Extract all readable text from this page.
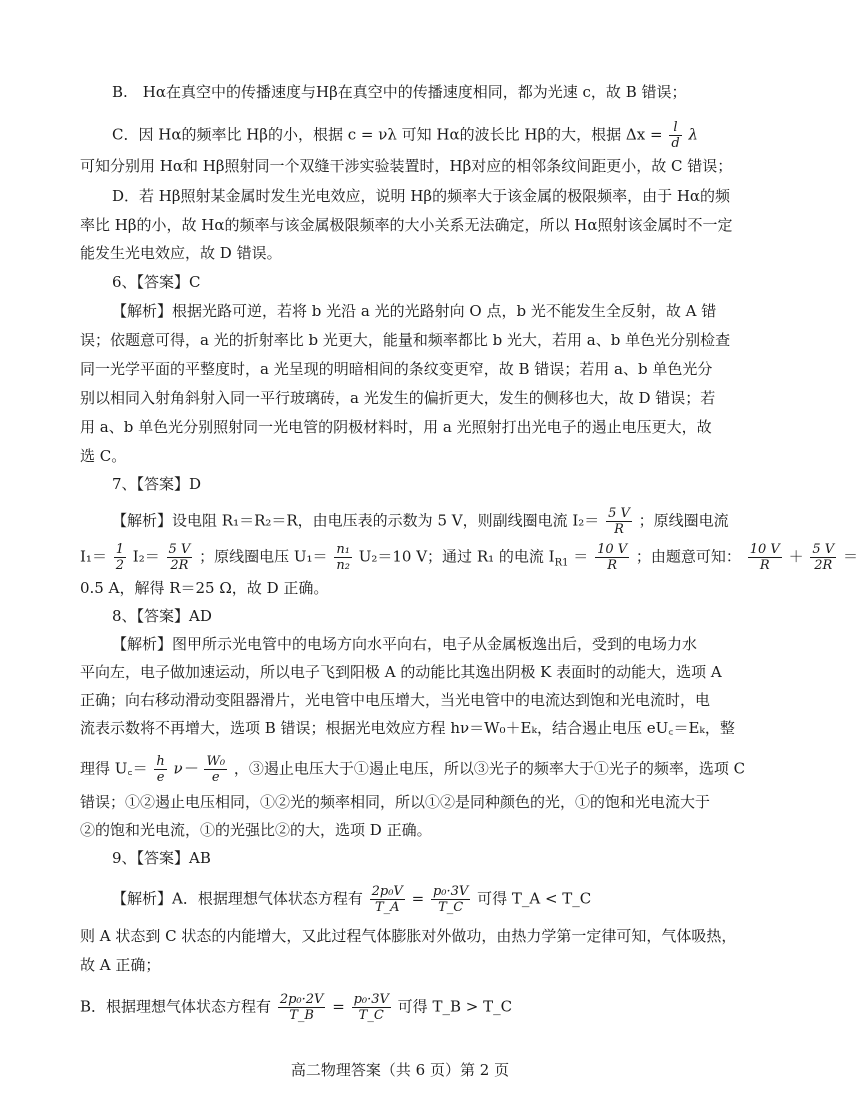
B.　Hα在真空中的传播速度与Hβ在真空中的传播速度相同，都为光速 c，故 B 错误；
C．因 Hα的频率比 Hβ的小，根据 c = νλ 可知 Hα的波长比 Hβ的大，根据 $\Delta x = \frac{l}{d}$ λ
可知分别用 Hα和 Hβ照射同一个双缝干涉实验装置时，Hβ对应的相邻条纹间距更小，故 C 错误；
D．若 Hβ照射某金属时发生光电效应，说明 Hβ的频率大于该金属的极限频率，由于 Hα的频
率比 Hβ的小，故 Hα的频率与该金属极限频率的大小关系无法确定，所以 Hα照射该金属时不一定
能发生光电效应，故 D 错误。
6、【答案】C
【解析】根据光路可逆，若将 b 光沿 a 光的光路射向 O 点，b 光不能发生全反射，故 A 错
误；依题意可得，a 光的折射率比 b 光更大，能量和频率都比 b 光大，若用 a、b 单色光分别检查
同一光学平面的平整度时，a 光呈现的明暗相间的条纹变更窄，故 B 错误；若用 a、b 单色光分
别以相同入射角斜射入同一平行玻璃砖，a 光发生的偏折更大，发生的侧移也大，故 D 错误；若
用 a、b 单色光分别照射同一光电管的阴极材料时，用 a 光照射打出光电子的遏止电压更大，故
选 C。
7、【答案】D
【解析】设电阻 R₁＝R₂＝R，由电压表的示数为 5 V，则副线圈电流 $I_2= \frac{5 V}{R}$ ；原线圈电流
$I_1= \frac{1}{2} I_2= \frac{5 V}{2R}$ ；原线圈电压 $U_1= \frac{\text{n₁}}{\text{n₂}} U_2=10$ V；通过 R₁ 的电流 $I_{R1} = \frac{10 V}{R}$ ；由题意可知： $\frac{10 V}{R} + \frac{5 V}{2R}$ ＝
0.5 A，解得 R＝25 Ω，故 D 正确。
8、【答案】AD
【解析】图甲所示光电管中的电场方向水平向右，电子从金属板逸出后，受到的电场力水
平向左，电子做加速运动，所以电子飞到阳极 A 的动能比其逸出阴极 K 表面时的动能大，选项 A
正确；向右移动滑动变阻器滑片，光电管中电压增大，当光电管中的电流达到饱和光电流时，电
流表示数将不再增大，选项 B 错误；根据光电效应方程 hν＝W₀＋Eₖ，结合遏止电压 eU꜀＝Eₖ，整
理得 U꜀＝ $\frac{h}{e} \nu- \frac{\text{W₀}}{e}$ ，③遏止电压大于①遏止电压，所以③光子的频率大于①光子的频率，选项 C
错误；①②遏止电压相同，①②光的频率相同，所以①②是同种颜色的光，①的饱和光电流大于
②的饱和光电流，①的光强比②的大，选项 D 正确。
9、【答案】AB
【解析】A．根据理想气体状态方程有 $\frac{\text{2p₀V}}{T\_A} = \frac{\text{p₀·3V}}{T\_C}$ 可得 T_A < T_C
则 A 状态到 C 状态的内能增大，又此过程气体膨胀对外做功，由热力学第一定律可知，气体吸热，
故 A 正确；
B．根据理想气体状态方程有 $\frac{\text{2p₀·2V}}{T\_B} = \frac{\text{p₀·3V}}{T\_C}$ 可得 T_B > T_C
高二物理答案（共 6 页）第 2 页
